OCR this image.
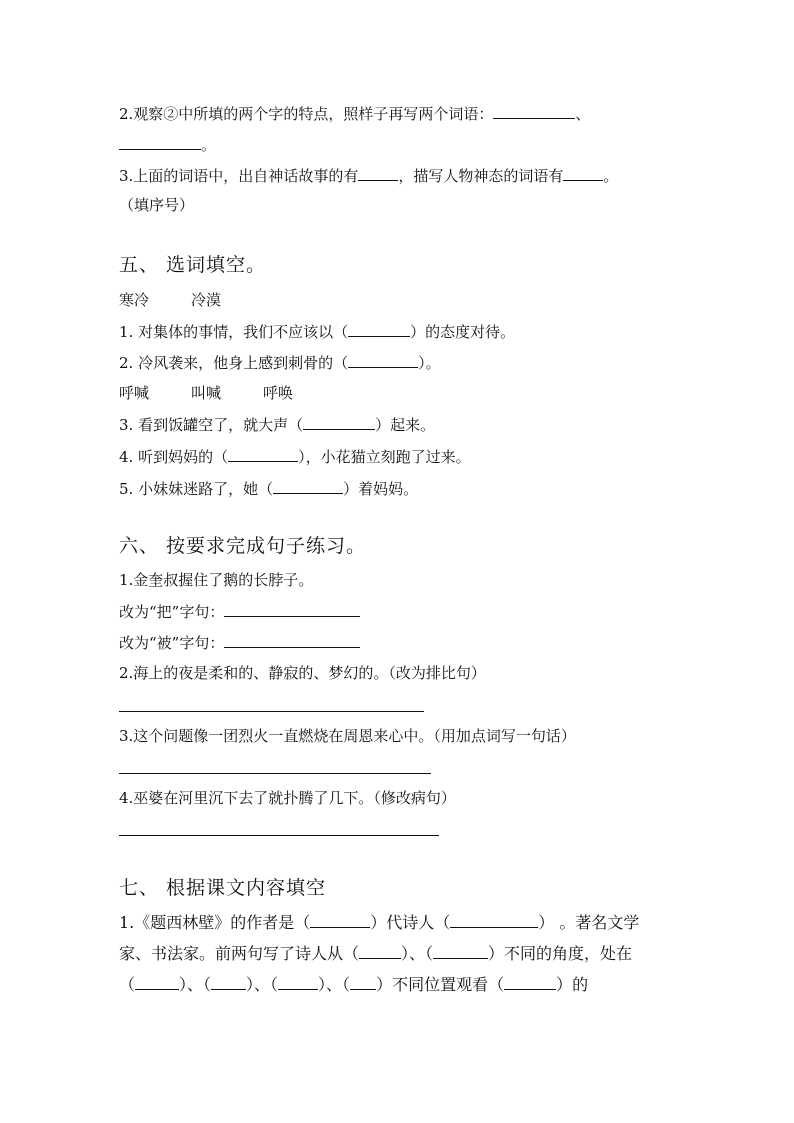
2.观察②中所填的两个字的特点，照样子再写两个词语：	、
。
3.上面的词语中，出自神话故事的有	，描写人物神态的词语有	。
（填序号）
五、 选词填空。
寒冷	冷漠
1. 对集体的事情，我们不应该以（	）的态度对待。
2. 冷风袭来，他身上感到刺骨的（	）。
呼喊	叫喊	呼唤
3. 看到饭罐空了，就大声（	）起来。
4. 听到妈妈的（	），小花猫立刻跑了过来。
5. 小妹妹迷路了，她（	）着妈妈。
六、 按要求完成句子练习。
1.金奎叔握住了鹅的长脖子。
改为“把”字句：
改为“被”字句：
2.海上的夜是柔和的、静寂的、梦幻的。（改为排比句）
3.这个问题像一团烈火一直燃烧在周恩来心中。（用加点词写一句话）
4.巫婆在河里沉下去了就扑腾了几下。（修改病句）
七、 根据课文内容填空
1.《题西林壁》的作者是（	）代诗人（	） 。著名文学
家、书法家。前两句写了诗人从（	）、（	）不同的角度，处在
（	）、（ ）、（	）、（ ）不同位置观看（	）的
